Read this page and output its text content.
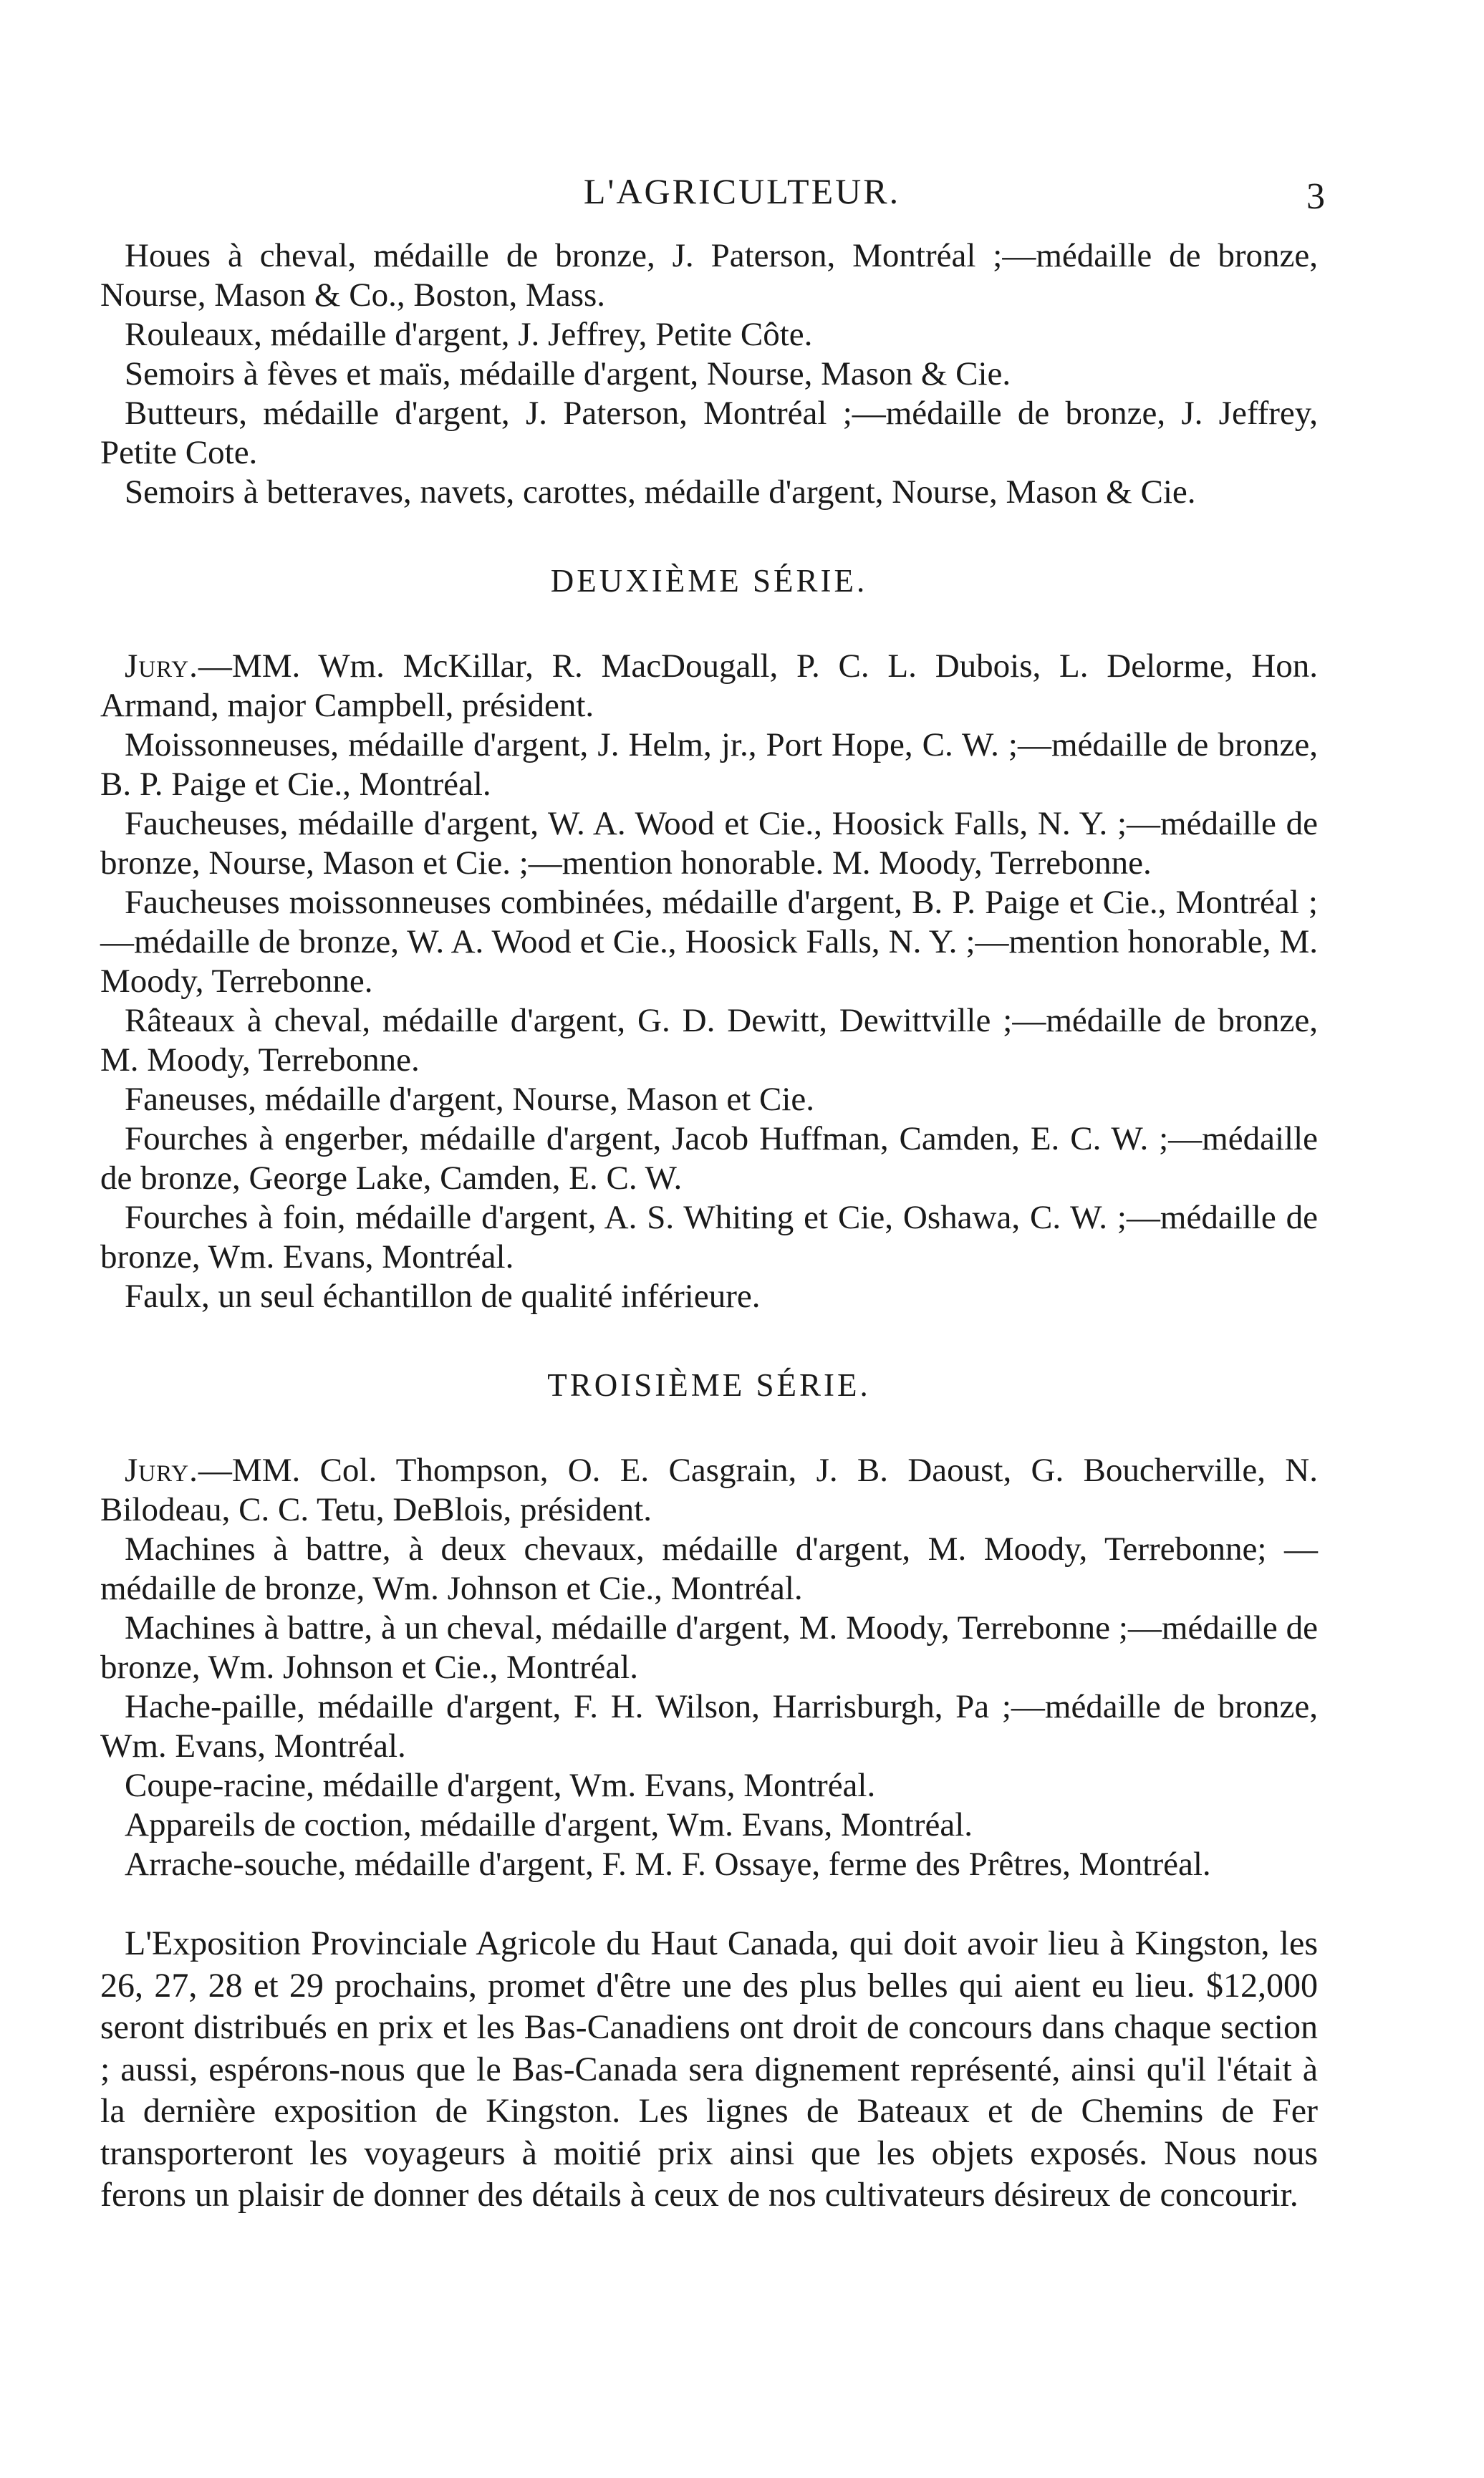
L'AGRICULTEUR.	3

Houes à cheval, médaille de bronze, J. Paterson, Montréal ;—médaille de bronze, Nourse, Mason & Co., Boston, Mass.

Rouleaux, médaille d'argent, J. Jeffrey, Petite Côte.

Semoirs à fèves et maïs, médaille d'argent, Nourse, Mason & Cie.

Butteurs, médaille d'argent, J. Paterson, Montréal ;—médaille de bronze, J. Jeffrey, Petite Cote.

Semoirs à betteraves, navets, carottes, médaille d'argent, Nourse, Mason & Cie.

DEUXIÈME SÉRIE.

Jury.—MM. Wm. McKillar, R. MacDougall, P. C. L. Dubois, L. Delorme, Hon. Armand, major Campbell, président.

Moissonneuses, médaille d'argent, J. Helm, jr., Port Hope, C. W. ;—médaille de bronze, B. P. Paige et Cie., Montréal.

Faucheuses, médaille d'argent, W. A. Wood et Cie., Hoosick Falls, N. Y. ;—médaille de bronze, Nourse, Mason et Cie. ;—mention honorable. M. Moody, Terrebonne.

Faucheuses moissonneuses combinées, médaille d'argent, B. P. Paige et Cie., Montréal ;—médaille de bronze, W. A. Wood et Cie., Hoosick Falls, N. Y. ;—mention honorable, M. Moody, Terrebonne.

Râteaux à cheval, médaille d'argent, G. D. Dewitt, Dewittville ;—médaille de bronze, M. Moody, Terrebonne.

Faneuses, médaille d'argent, Nourse, Mason et Cie.

Fourches à engerber, médaille d'argent, Jacob Huffman, Camden, E. C. W. ;—médaille de bronze, George Lake, Camden, E. C. W.

Fourches à foin, médaille d'argent, A. S. Whiting et Cie, Oshawa, C. W. ;—médaille de bronze, Wm. Evans, Montréal.

Faulx, un seul échantillon de qualité inférieure.

TROISIÈME SÉRIE.

Jury.—MM. Col. Thompson, O. E. Casgrain, J. B. Daoust, G. Boucherville, N. Bilodeau, C. C. Tetu, DeBlois, président.

Machines à battre, à deux chevaux, médaille d'argent, M. Moody, Terrebonne; —médaille de bronze, Wm. Johnson et Cie., Montréal.

Machines à battre, à un cheval, médaille d'argent, M. Moody, Terrebonne ;—médaille de bronze, Wm. Johnson et Cie., Montréal.

Hache-paille, médaille d'argent, F. H. Wilson, Harrisburgh, Pa ;—médaille de bronze, Wm. Evans, Montréal.

Coupe-racine, médaille d'argent, Wm. Evans, Montréal.

Appareils de coction, médaille d'argent, Wm. Evans, Montréal.

Arrache-souche, médaille d'argent, F. M. F. Ossaye, ferme des Prêtres, Montréal.

L'Exposition Provinciale Agricole du Haut Canada, qui doit avoir lieu à Kingston, les 26, 27, 28 et 29 prochains, promet d'être une des plus belles qui aient eu lieu. $12,000 seront distribués en prix et les Bas-Canadiens ont droit de concours dans chaque section ; aussi, espérons-nous que le Bas-Canada sera dignement représenté, ainsi qu'il l'était à la dernière exposition de Kingston. Les lignes de Bateaux et de Chemins de Fer transporteront les voyageurs à moitié prix ainsi que les objets exposés. Nous nous ferons un plaisir de donner des détails à ceux de nos cultivateurs désireux de concourir.
